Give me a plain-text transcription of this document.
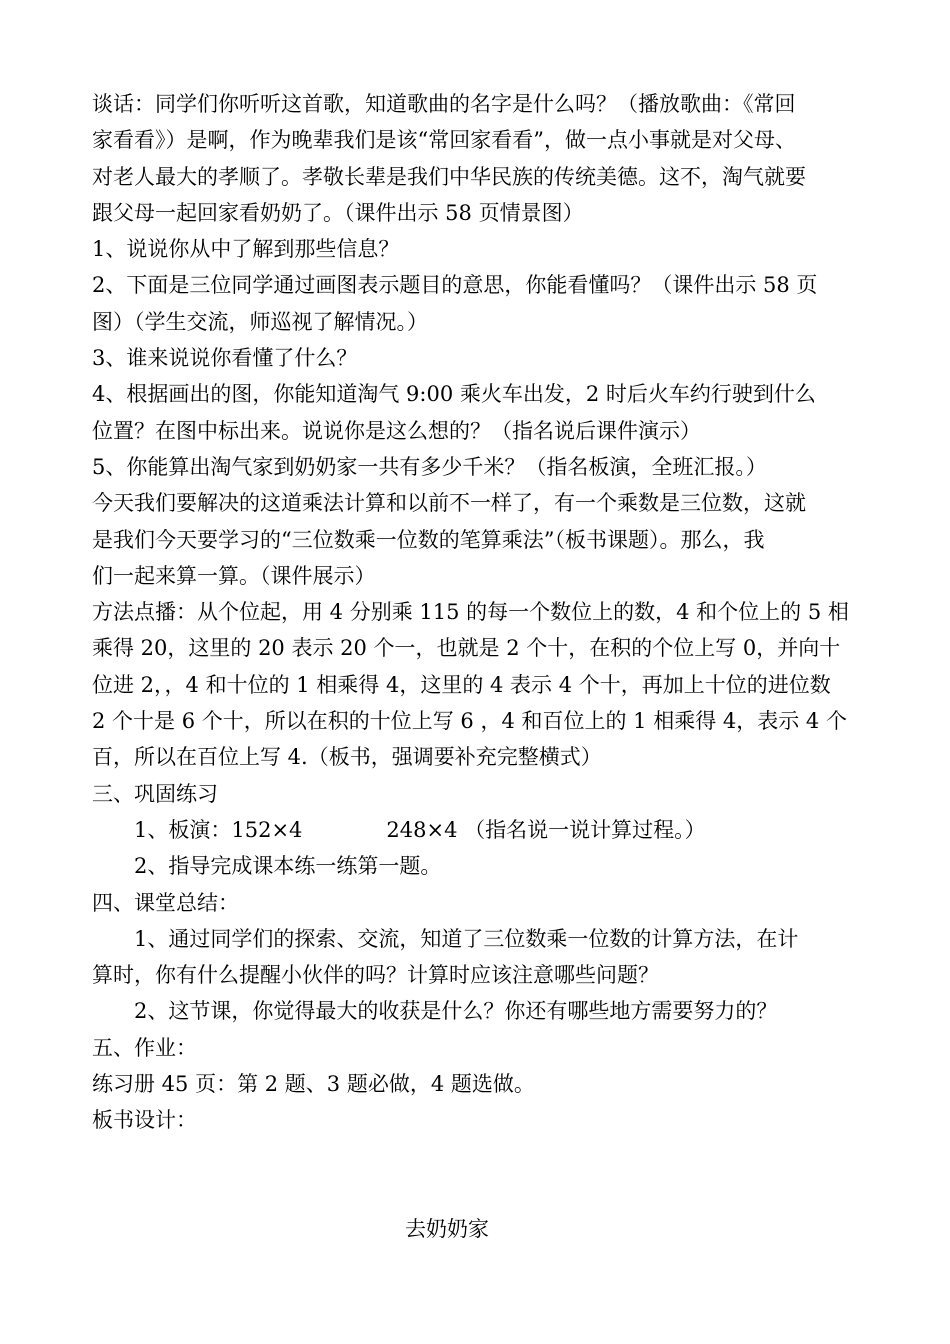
谈话：同学们你听听这首歌，知道歌曲的名字是什么吗？（播放歌曲：《常回
家看看》）是啊，作为晚辈我们是该“常回家看看”，做一点小事就是对父母、
对老人最大的孝顺了。孝敬长辈是我们中华民族的传统美德。这不，淘气就要
跟父母一起回家看奶奶了。（课件出示 58 页情景图）
1、说说你从中了解到那些信息？
2、下面是三位同学通过画图表示题目的意思，你能看懂吗？（课件出示 58 页
图）（学生交流，师巡视了解情况。）
3、谁来说说你看懂了什么？
4、根据画出的图，你能知道淘气 9:00 乘火车出发，2 时后火车约行驶到什么
位置？在图中标出来。说说你是这么想的？（指名说后课件演示）
5、你能算出淘气家到奶奶家一共有多少千米？（指名板演，全班汇报。）
今天我们要解决的这道乘法计算和以前不一样了，有一个乘数是三位数，这就
是我们今天要学习的“三位数乘一位数的笔算乘法”（板书课题）。那么，我
们一起来算一算。（课件展示）
方法点播：从个位起，用 4 分别乘 115 的每一个数位上的数，4 和个位上的 5 相
乘得 20，这里的 20 表示 20 个一，也就是 2 个十，在积的个位上写 0，并向十
位进 2，，4 和十位的 1 相乘得 4，这里的 4 表示 4 个十，再加上十位的进位数
2 个十是 6 个十，所以在积的十位上写 6 ，4 和百位上的 1 相乘得 4，表示 4 个
百，所以在百位上写 4.（板书，强调要补充完整横式）
三、巩固练习
1、板演：152×4　　　　248×4 （指名说一说计算过程。）
2、指导完成课本练一练第一题。
四、课堂总结：
1、通过同学们的探索、交流，知道了三位数乘一位数的计算方法，在计
算时，你有什么提醒小伙伴的吗？计算时应该注意哪些问题？
2、这节课，你觉得最大的收获是什么？你还有哪些地方需要努力的？
五、作业：
练习册 45 页：第 2 题、3 题必做，4 题选做。
板书设计：
去奶奶家
